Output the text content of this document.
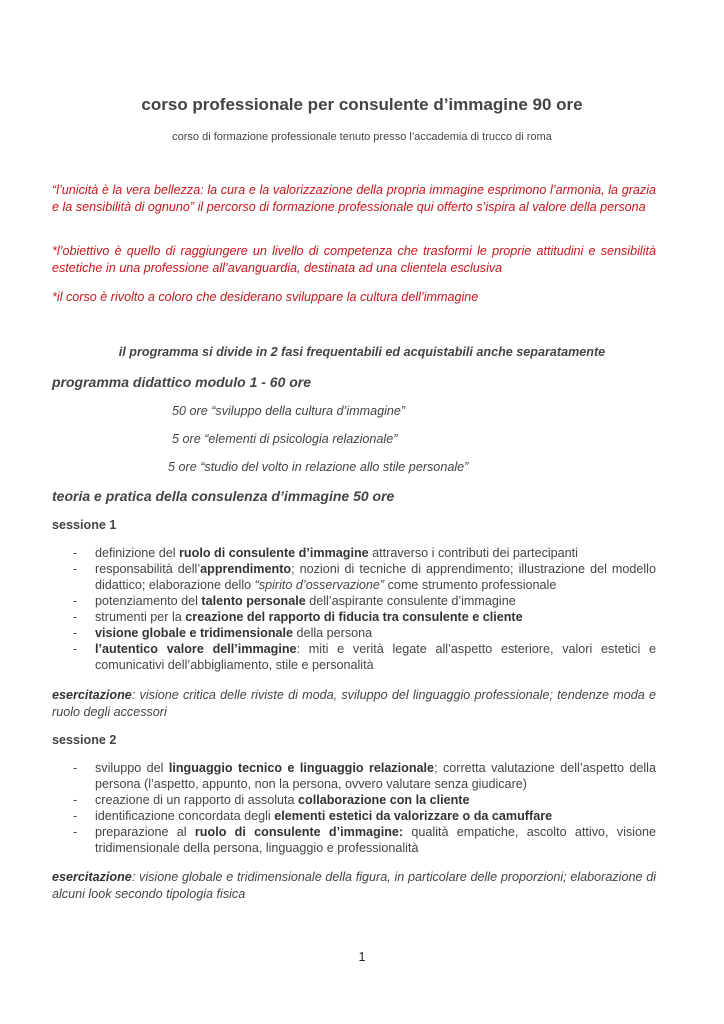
corso professionale per consulente d’immagine 90 ore
corso di formazione professionale tenuto presso l’accademia di trucco di roma
“l’unicità è la vera bellezza: la cura e la valorizzazione della propria immagine esprimono l’armonia, la grazia e la sensibilità di ognuno” il percorso di formazione professionale qui offerto s’ispira al valore della persona
*l’obiettivo è quello di raggiungere un livello di competenza che trasformi le proprie attitudini e sensibilità estetiche in una professione all’avanguardia, destinata ad una clientela esclusiva
*il corso è rivolto a coloro che desiderano sviluppare la cultura dell’immagine
il programma si divide in 2 fasi frequentabili ed acquistabili anche separatamente
programma didattico modulo 1 - 60 ore
50 ore “sviluppo della cultura d’immagine”
5 ore “elementi di psicologia relazionale”
5 ore “studio del volto in relazione allo stile personale”
teoria e pratica della consulenza d’immagine 50 ore
sessione 1
- definizione del ruolo di consulente d’immagine attraverso i contributi dei partecipanti
- responsabilità dell’apprendimento; nozioni di tecniche di apprendimento; illustrazione del modello didattico; elaborazione dello “spirito d’osservazione” come strumento professionale
- potenziamento del talento personale dell’aspirante consulente d’immagine
- strumenti per la creazione del rapporto di fiducia tra consulente e cliente
- visione globale e tridimensionale della persona
- l’autentico valore dell’immagine: miti e verità legate all’aspetto esteriore, valori estetici e comunicativi dell’abbigliamento, stile e personalità
esercitazione: visione critica delle riviste di moda, sviluppo del linguaggio professionale; tendenze moda e ruolo degli accessori
sessione 2
- sviluppo del linguaggio tecnico e linguaggio relazionale; corretta valutazione dell’aspetto della persona (l’aspetto, appunto, non la persona, ovvero valutare senza giudicare)
- creazione di un rapporto di assoluta collaborazione con la cliente
- identificazione concordata degli elementi estetici da valorizzare o da camuffare
- preparazione al ruolo di consulente d’immagine: qualità empatiche, ascolto attivo, visione tridimensionale della persona, linguaggio e professionalità
esercitazione: visione globale e tridimensionale della figura, in particolare delle proporzioni; elaborazione di alcuni look secondo tipologia fisica
1
